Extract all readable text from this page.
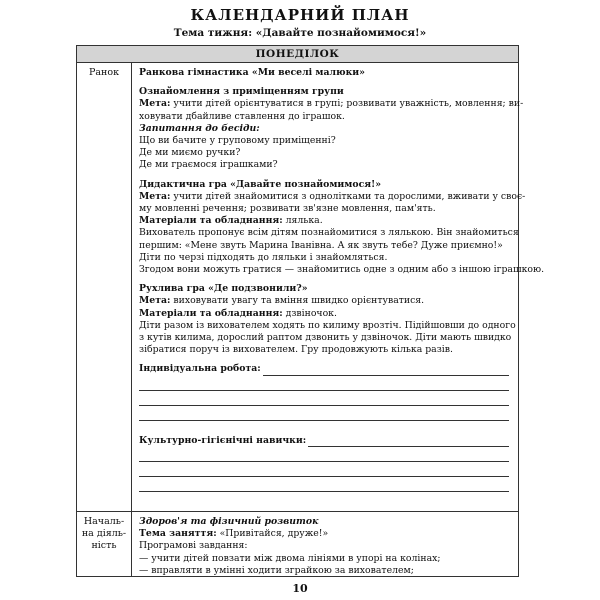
КАЛЕНДАРНИЙ ПЛАН
Тема тижня: «Давайте познайомимося!»
ПОНЕДІЛОК
Ранок	Ранкова гімнастика «Ми веселі малюки»
Ознайомлення з приміщенням групи
Мета: учити дітей орієнтуватися в групі; розвивати уважність, мовлення; ви-
ховувати дбайливе ставлення до іграшок.
Запитання до бесіди:
Що ви бачите у груповому приміщенні?
Де ми миємо ручки?
Де ми граємося іграшками?
Дидактична гра «Давайте познайомимося!»
Мета: учити дітей знайомитися з однолітками та дорослими, вживати у своє-
му мовленні речення; розвивати зв'язне мовлення, пам'ять.
Матеріали та обладнання: лялька.
Вихователь пропонує всім дітям познайомитися з лялькою. Він знайомиться
першим: «Мене звуть Марина Іванівна. А як звуть тебе? Дуже приємно!»
Діти по черзі підходять до ляльки і знайомляться.
Згодом вони можуть гратися — знайомитись одне з одним або з іншою іграшкою.
Рухлива гра «Де подзвонили?»
Мета: виховувати увагу та вміння швидко орієнтуватися.
Матеріали та обладнання: дзвіночок.
Діти разом із вихователем ходять по килиму врозтіч. Підійшовши до одного
з кутів килима, дорослий раптом дзвонить у дзвіночок. Діти мають швидко
зібратися поруч із вихователем. Гру продовжують кілька разів.
Індивідуальна робота:
Культурно-гігієнічні навички:
Началь-
на діяль-
ність
Здоров'я та фізичний розвиток
Тема заняття: «Привітайся, друже!»
Програмові завдання:
— учити дітей повзати між двома лініями в упорі на колінах;
— вправляти в умінні ходити зграйкою за вихователем;
10
